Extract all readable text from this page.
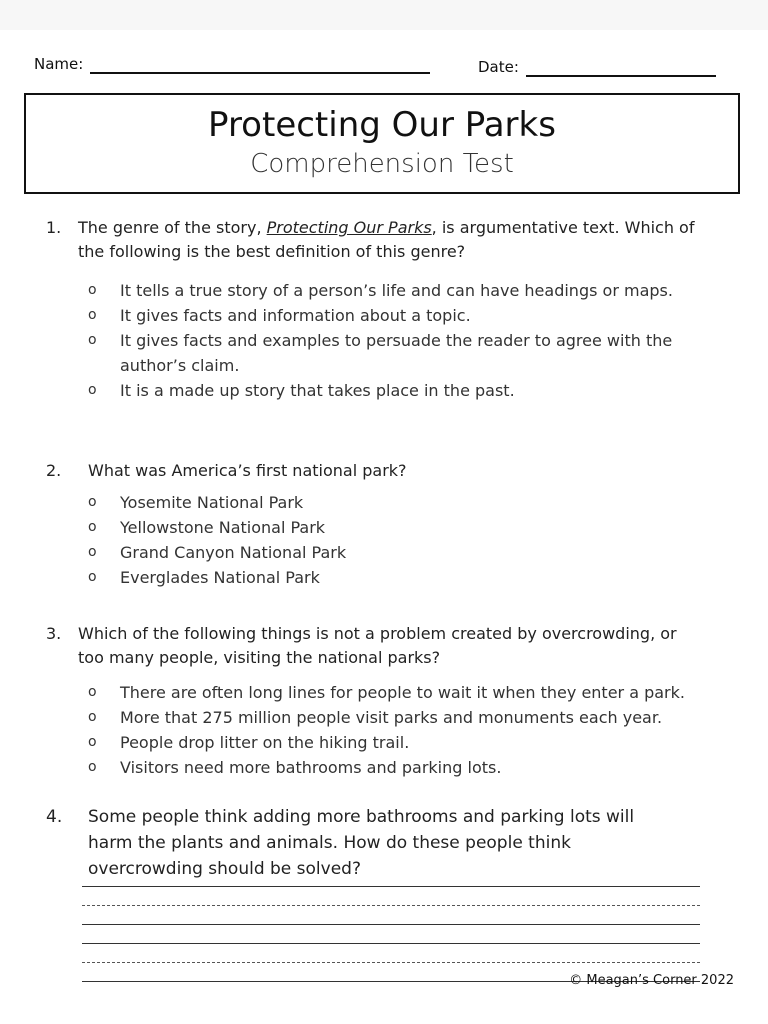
Name:	Date:
Protecting Our Parks
Comprehension Test
1. The genre of the story, Protecting Our Parks, is argumentative text. Which of the following is the best definition of this genre?
o It tells a true story of a person’s life and can have headings or maps.
o It gives facts and information about a topic.
o It gives facts and examples to persuade the reader to agree with the author’s claim.
o It is a made up story that takes place in the past.
2. What was America’s first national park?
o Yosemite National Park
o Yellowstone National Park
o Grand Canyon National Park
o Everglades National Park
3. Which of the following things is not a problem created by overcrowding, or too many people, visiting the national parks?
o There are often long lines for people to wait it when they enter a park.
o More that 275 million people visit parks and monuments each year.
o People drop litter on the hiking trail.
o Visitors need more bathrooms and parking lots.
4. Some people think adding more bathrooms and parking lots will harm the plants and animals. How do these people think overcrowding should be solved?
© Meagan’s Corner 2022
